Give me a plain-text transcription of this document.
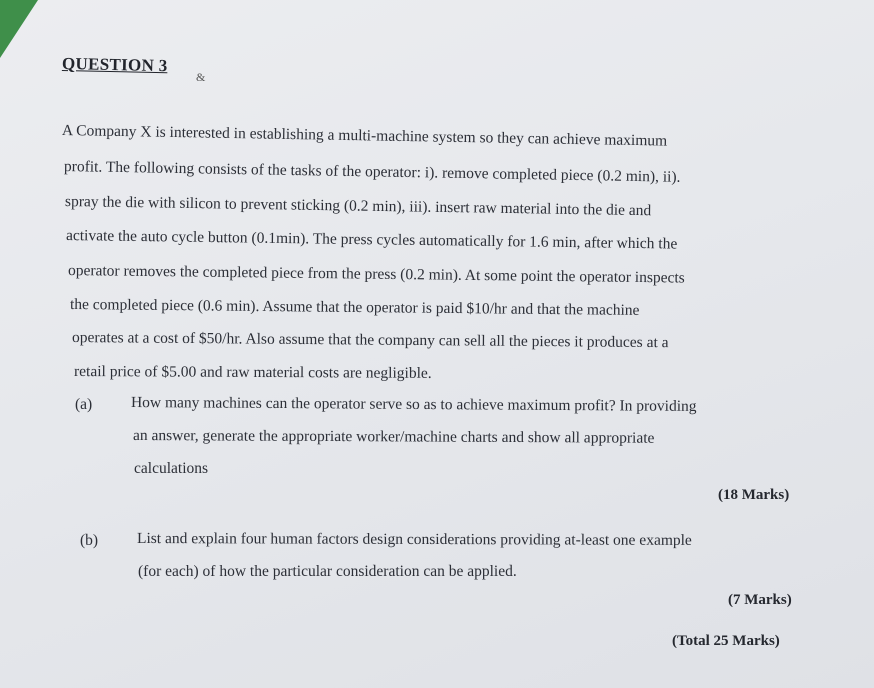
QUESTION 3
&
A Company X is interested in establishing a multi-machine system so they can achieve maximum
profit. The following consists of the tasks of the operator: i). remove completed piece (0.2 min), ii).
spray the die with silicon to prevent sticking (0.2 min), iii). insert raw material into the die and
activate the auto cycle button (0.1min). The press cycles automatically for 1.6 min, after which the
operator removes the completed piece from the press (0.2 min). At some point the operator inspects
the completed piece (0.6 min). Assume that the operator is paid $10/hr and that the machine
operates at a cost of $50/hr. Also assume that the company can sell all the pieces it produces at a
retail price of $5.00 and raw material costs are negligible.
(a) How many machines can the operator serve so as to achieve maximum profit? In providing
an answer, generate the appropriate worker/machine charts and show all appropriate
calculations
(18 Marks)
(b)	List and explain four human factors design considerations providing at-least one example
(for each) of how the particular consideration can be applied.
(7 Marks)
(Total 25 Marks)
